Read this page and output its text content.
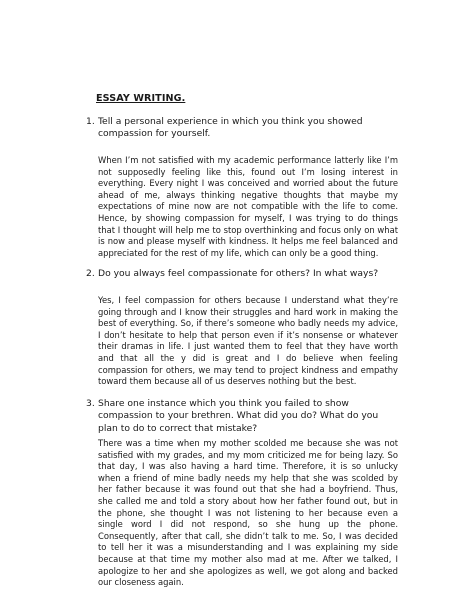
ESSAY WRITING.
1. Tell a personal experience in which you think you showed compassion for yourself.
When I’m not satisfied with my academic performance latterly like I’m not supposedly feeling like this, found out I’m losing interest in everything. Every night I was conceived and worried about the future ahead of me, always thinking negative thoughts that maybe my expectations of mine now are not compatible with the life to come. Hence, by showing compassion for myself, I was trying to do things that I thought will help me to stop overthinking and focus only on what is now and please myself with kindness. It helps me feel balanced and appreciated for the rest of my life, which can only be a good thing.
2. Do you always feel compassionate for others? In what ways?
Yes, I feel compassion for others because I understand what they’re going through and I know their struggles and hard work in making the best of everything. So, if there’s someone who badly needs my advice, I don’t hesitate to help that person even if it’s nonsense or whatever their dramas in life. I just wanted them to feel that they have worth and that all the y did is great and I do believe when feeling compassion for others, we may tend to project kindness and empathy toward them because all of us deserves nothing but the best.
3. Share one instance which you think you failed to show compassion to your brethren. What did you do? What do you plan to do to correct that mistake?
There was a time when my mother scolded me because she was not satisfied with my grades, and my mom criticized me for being lazy. So that day, I was also having a hard time. Therefore, it is so unlucky when a friend of mine badly needs my help that she was scolded by her father because it was found out that she had a boyfriend. Thus, she called me and told a story about how her father found out, but in the phone, she thought I was not listening to her because even a single word I did not respond, so she hung up the phone. Consequently, after that call, she didn’t talk to me. So, I was decided to tell her it was a misunderstanding and I was explaining my side because at that time my mother also mad at me. After we talked, I apologize to her and she apologizes as well, we got along and backed our closeness again.
